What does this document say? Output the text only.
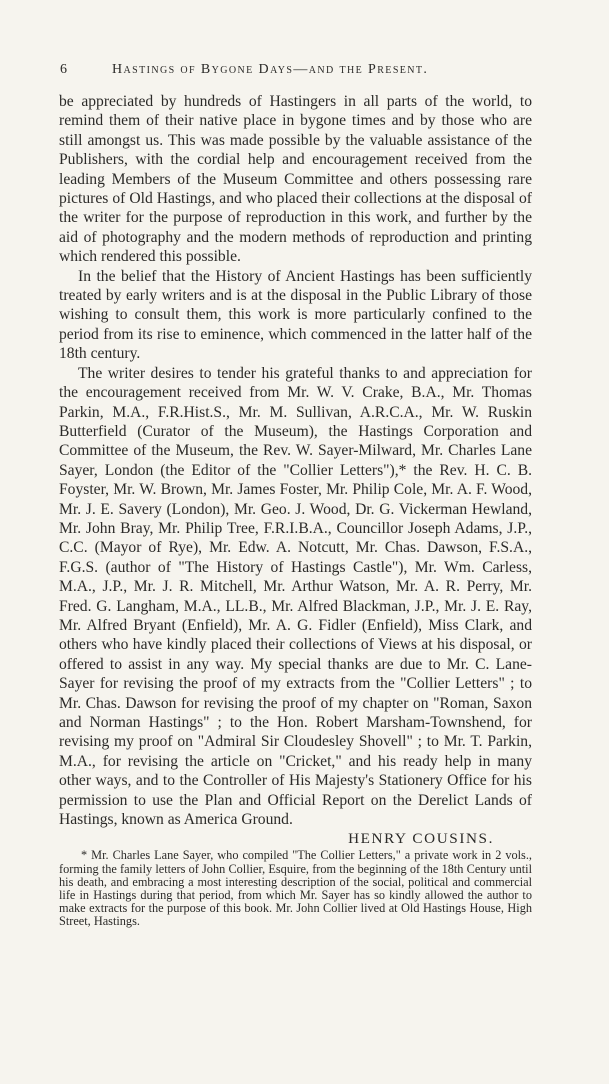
6	Hastings of Bygone Days—and the Present.

be appreciated by hundreds of Hastingers in all parts of the world, to remind them of their native place in bygone times and by those who are still amongst us. This was made possible by the valuable assistance of the Publishers, with the cordial help and encouragement received from the leading Members of the Museum Committee and others possessing rare pictures of Old Hastings, and who placed their collections at the disposal of the writer for the purpose of reproduction in this work, and further by the aid of photography and the modern methods of reproduction and printing which rendered this possible.

In the belief that the History of Ancient Hastings has been sufficiently treated by early writers and is at the disposal in the Public Library of those wishing to consult them, this work is more particularly confined to the period from its rise to eminence, which commenced in the latter half of the 18th century.

The writer desires to tender his grateful thanks to and appreciation for the encouragement received from Mr. W. V. Crake, B.A., Mr. Thomas Parkin, M.A., F.R.Hist.S., Mr. M. Sullivan, A.R.C.A., Mr. W. Ruskin Butterfield (Curator of the Museum), the Hastings Corporation and Committee of the Museum, the Rev. W. Sayer-Milward, Mr. Charles Lane Sayer, London (the Editor of the "Collier Letters"),* the Rev. H. C. B. Foyster, Mr. W. Brown, Mr. James Foster, Mr. Philip Cole, Mr. A. F. Wood, Mr. J. E. Savery (London), Mr. Geo. J. Wood, Dr. G. Vickerman Hewland, Mr. John Bray, Mr. Philip Tree, F.R.I.B.A., Councillor Joseph Adams, J.P., C.C. (Mayor of Rye), Mr. Edw. A. Notcutt, Mr. Chas. Dawson, F.S.A., F.G.S. (author of "The History of Hastings Castle"), Mr. Wm. Carless, M.A., J.P., Mr. J. R. Mitchell, Mr. Arthur Watson, Mr. A. R. Perry, Mr. Fred. G. Langham, M.A., LL.B., Mr. Alfred Blackman, J.P., Mr. J. E. Ray, Mr. Alfred Bryant (Enfield), Mr. A. G. Fidler (Enfield), Miss Clark, and others who have kindly placed their collections of Views at his disposal, or offered to assist in any way. My special thanks are due to Mr. C. Lane-Sayer for revising the proof of my extracts from the "Collier Letters" ; to Mr. Chas. Dawson for revising the proof of my chapter on "Roman, Saxon and Norman Hastings" ; to the Hon. Robert Marsham-Townshend, for revising my proof on "Admiral Sir Cloudesley Shovell" ; to Mr. T. Parkin, M.A., for revising the article on "Cricket," and his ready help in many other ways, and to the Controller of His Majesty's Stationery Office for his permission to use the Plan and Official Report on the Derelict Lands of Hastings, known as America Ground.

HENRY COUSINS.
* Mr. Charles Lane Sayer, who compiled "The Collier Letters," a private work in 2 vols., forming the family letters of John Collier, Esquire, from the beginning of the 18th Century until his death, and embracing a most interesting description of the social, political and commercial life in Hastings during that period, from which Mr. Sayer has so kindly allowed the author to make extracts for the purpose of this book. Mr. John Collier lived at Old Hastings House, High Street, Hastings.
